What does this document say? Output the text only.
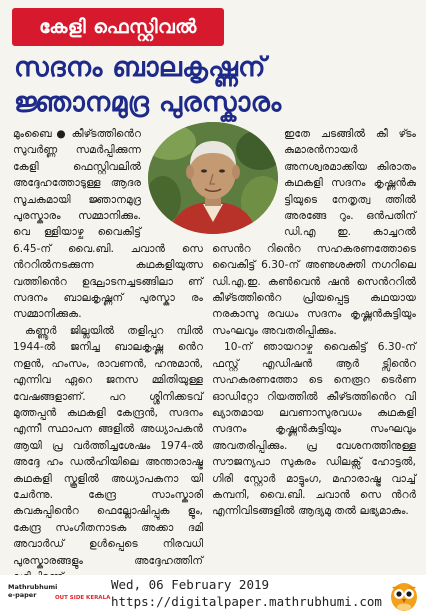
കേളി ഫെസ്റ്റിവൽ
സദനം ബാലകൃഷ്ണന്
ജ്ഞാനമുദ്ര പുരസ്കാരം

മുംബൈ ● കീഴ്ടത്തിൻെറ സുവർണ്ണ സമർപ്പിക്കുന്ന കേളി ഫെസ്റ്റിവലിൽ അദ്ദേഹത്തോടുള്ള ആദര സൂചകമായി ജ്ഞാനമുദ്ര പുരസ്കാരം സമ്മാനിക്കും. വെ ള്ളിയാഴ്ച വൈകിട്ട് 6.45-ന് വൈ.ബി. ചവാൻ സെ ൻററിൽനടക്കുന്ന കഥകളിയുത്സ വത്തിൻെറ ഉദ്ഘാടനച്ചടങ്ങിലാ ണ് സദനം ബാലകൃഷ്ണന് പുരസ്കാ രം സമ്മാനിക്കുക.

കണ്ണൂർ ജില്ലയിൽ തളിപ്പറ മ്പിൽ 1944-ൽ ജനിച്ച ബാലകൃഷ്ണ ൻെറ നളൻ, ഹംസം, രാവണൻ, ഹനുമാൻ, എന്നിവ ഏറെ ജനസ മ്മിതിയുള്ള വേഷങ്ങളാണ്. പറ ശ്ശിനിക്കടവ് മുത്തപ്പൻ കഥകളി കേന്ദ്രൻ, സദനം എന്നീ സ്ഥാപന ങ്ങളിൽ അധ്യാപകൻ ആയി പ്ര വർത്തിച്ചശേഷം 1974-ൽ അദ്ദേ ഹം ഡൽഹിയിലെ അന്താരാഷ്ട്ര കഥകളി സ്കൂളിൽ അധ്യാപകനാ യി ചേർന്നു. കേന്ദ്ര സാംസ്കാരി കവകുപ്പിൻെറ ഫെല്ലോഷിപ്പുക ളും, കേന്ദ്ര സംഗീതനാടക അക്കാ ദമി അവാർഡ് ഉൾപ്പെടെ നിരവധി പുരസ്കാരങ്ങളും അദ്ദേഹത്തിന്

ഇതേ ചടങ്ങിൽ കീ ഴ്ടം കുമാരൻനായർ അനശ്വരമാക്കിയ കിരാതം കഥകളി സദനം കൃഷ്ണൻകു ട്ടിയുടെ നേതൃത്വ ത്തിൽ അരങ്ങേ റും. ഒൻപതിന് ഡി.എ ഇ. കാച്ചറൽ സെൻറ റിൻെറ സഹകരണത്തോടെ വൈകിട്ട് 6.30-ന് അണുശക്തി നഗറിലെ ഡി.എ.ഇ. കൺവെൻ ഷൻ സെൻററിൽ കീഴ്ടത്തിൻെറ പ്രിയപ്പെട്ട കഥയായ നരകാസു രവധം സദനം കൃഷ്ണൻകുട്ടിയും സംഘവും അവതരിപ്പിക്കും.

10-ന് ഞായറാഴ്ച വൈകിട്ട് 6.30-ന് ഫസ്റ്റ് എഡിഷൻ ആർ ട്സിൻെറ സഹകരണത്തോ ടെ നെരൂറ ടെർണ ഓഡിറ്റോ റിയത്തിൽ കീഴ്ടത്തിൻെറ വി ഖ്യാതമായ ലവണാസുരവധം കഥകളി സദനം കൃഷ്ണൻകുട്ടിയും സംഘവും അവതരിപ്പിക്കും. പ്ര വേശനത്തിനുള്ള സൗജന്യപാ സുകരം ഡിലക്സ് ഹോട്ടൽ, ഗിരി സ്റ്റോർ മാട്ടുംഗ, മഹാരാഷ്ട്ര വാച്ച് കമ്പനി, വൈ.ബി. ചവാൻ സെ ൻറർ എന്നിവിടങ്ങളിൽ ആദ്യമു തൽ ലഭ്യമാകും.

Mathrubhumi
e-paper	OUT SIDE KERALA
Wed, 06 February 2019
https://digitalpaper.mathrubhumi.com
